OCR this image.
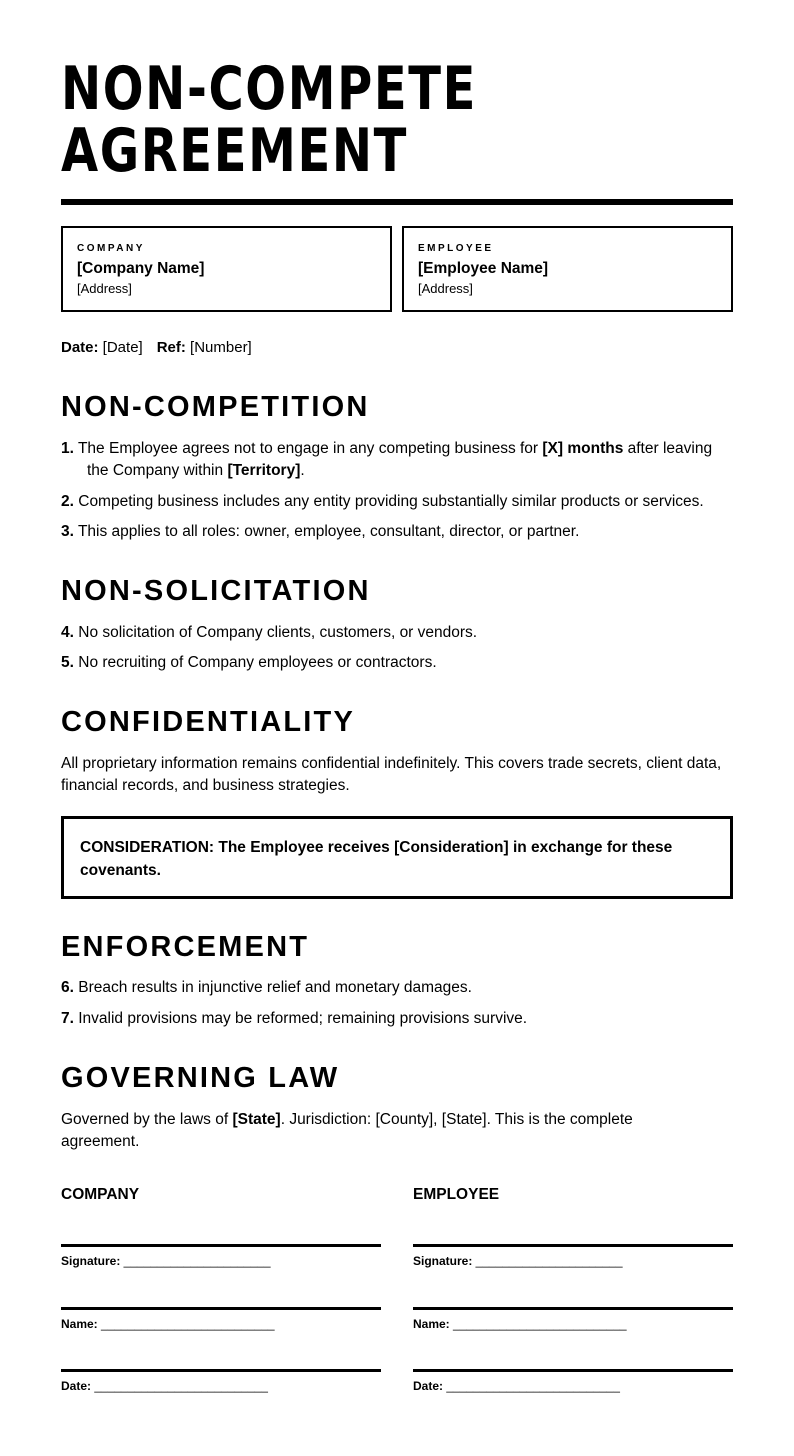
NON-COMPETE
AGREEMENT
COMPANY
[Company Name]
[Address]
EMPLOYEE
[Employee Name]
[Address]
Date: [Date] Ref: [Number]
NON-COMPETITION
1. The Employee agrees not to engage in any competing business for [X] months after leaving the Company within [Territory].
2. Competing business includes any entity providing substantially similar products or services.
3. This applies to all roles: owner, employee, consultant, director, or partner.
NON-SOLICITATION
4. No solicitation of Company clients, customers, or vendors.
5. No recruiting of Company employees or contractors.
CONFIDENTIALITY
All proprietary information remains confidential indefinitely. This covers trade secrets, client data, financial records, and business strategies.
CONSIDERATION: The Employee receives [Consideration] in exchange for these covenants.
ENFORCEMENT
6. Breach results in injunctive relief and monetary damages.
7. Invalid provisions may be reformed; remaining provisions survive.
GOVERNING LAW
Governed by the laws of [State]. Jurisdiction: [County], [State]. This is the complete agreement.
COMPANY
Signature: ______________________
Name: __________________________
Date: __________________________
EMPLOYEE
Signature: ______________________
Name: __________________________
Date: __________________________
